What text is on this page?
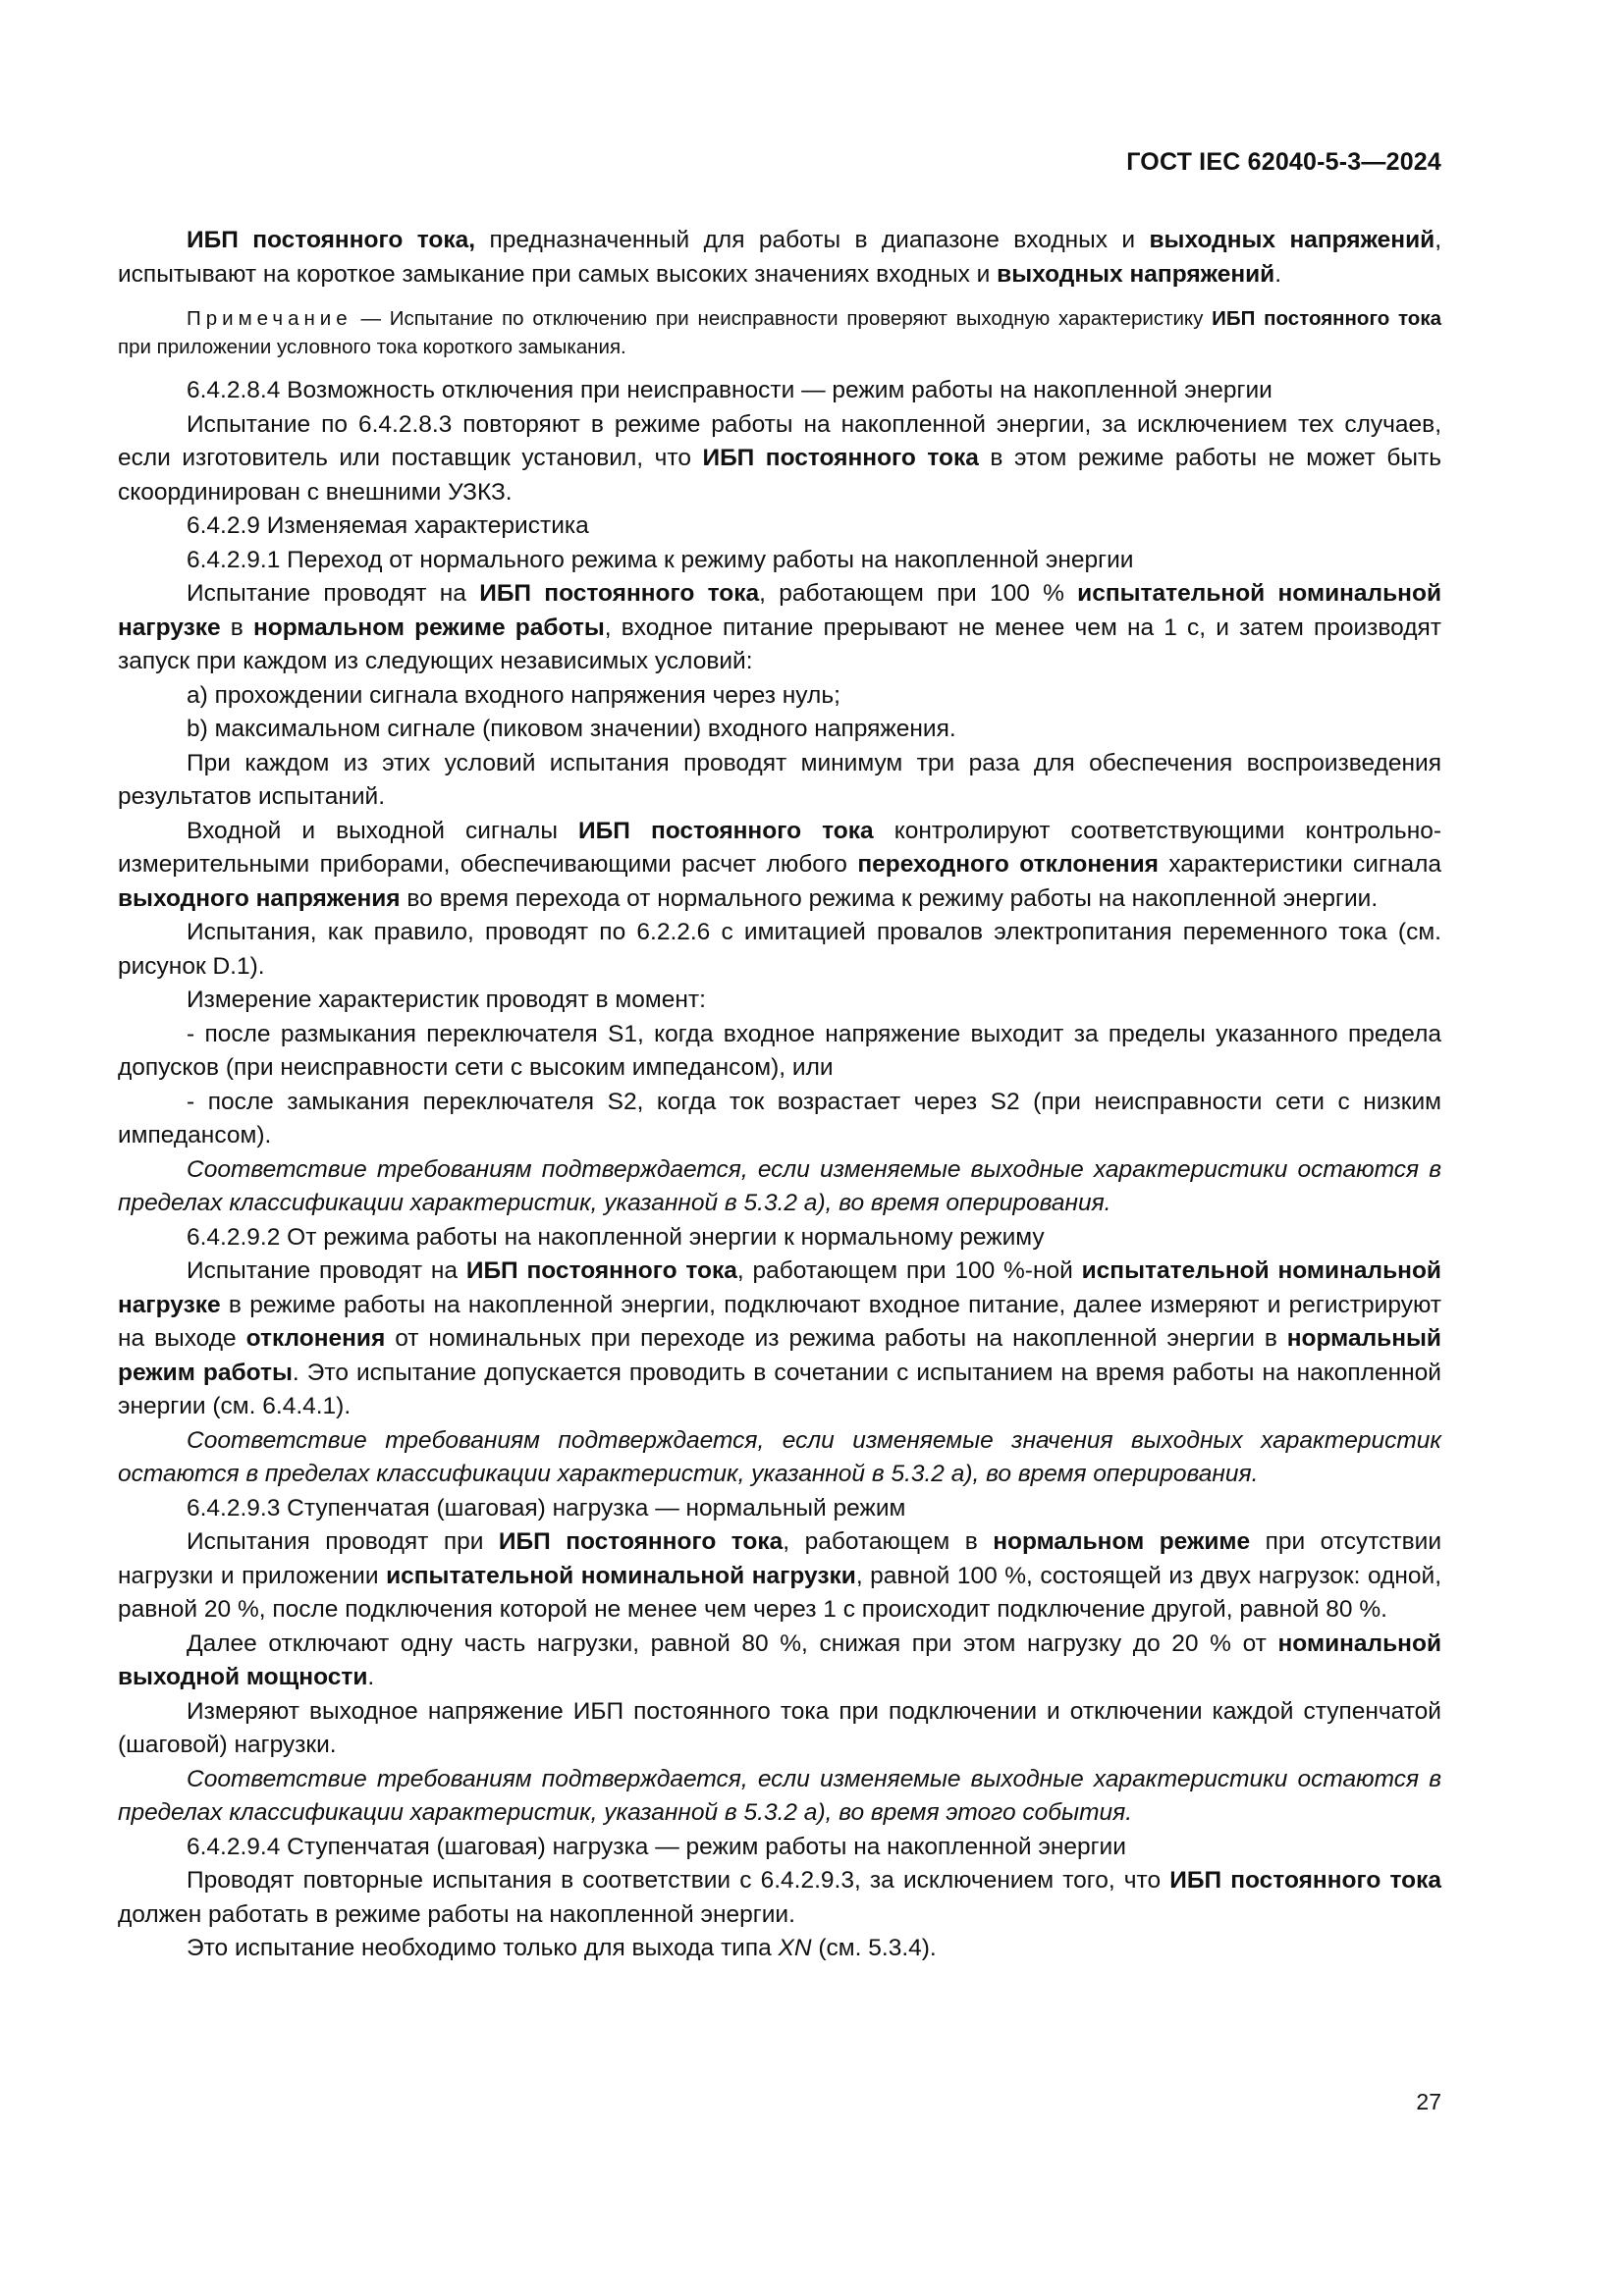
ГОСТ IEC 62040-5-3—2024

ИБП постоянного тока, предназначенный для работы в диапазоне входных и выходных напряжений, испытывают на короткое замыкание при самых высоких значениях входных и выходных напряжений.

Примечание — Испытание по отключению при неисправности проверяют выходную характеристику ИБП постоянного тока при приложении условного тока короткого замыкания.

6.4.2.8.4 Возможность отключения при неисправности — режим работы на накопленной энергии

Испытание по 6.4.2.8.3 повторяют в режиме работы на накопленной энергии, за исключением тех случаев, если изготовитель или поставщик установил, что ИБП постоянного тока в этом режиме работы не может быть скоординирован с внешними УЗКЗ.

6.4.2.9 Изменяемая характеристика

6.4.2.9.1 Переход от нормального режима к режиму работы на накопленной энергии

Испытание проводят на ИБП постоянного тока, работающем при 100 % испытательной номинальной нагрузке в нормальном режиме работы, входное питание прерывают не менее чем на 1 с, и затем производят запуск при каждом из следующих независимых условий:

а) прохождении сигнала входного напряжения через нуль;

b) максимальном сигнале (пиковом значении) входного напряжения.

При каждом из этих условий испытания проводят минимум три раза для обеспечения воспроизведения результатов испытаний.

Входной и выходной сигналы ИБП постоянного тока контролируют соответствующими контрольно-измерительными приборами, обеспечивающими расчет любого переходного отклонения характеристики сигнала выходного напряжения во время перехода от нормального режима к режиму работы на накопленной энергии.

Испытания, как правило, проводят по 6.2.2.6 с имитацией провалов электропитания переменного тока (см. рисунок D.1).

Измерение характеристик проводят в момент:

- после размыкания переключателя S1, когда входное напряжение выходит за пределы указанного предела допусков (при неисправности сети с высоким импедансом), или

- после замыкания переключателя S2, когда ток возрастает через S2 (при неисправности сети с низким импедансом).

Соответствие требованиям подтверждается, если изменяемые выходные характеристики остаются в пределах классификации характеристик, указанной в 5.3.2 а), во время оперирования.

6.4.2.9.2 От режима работы на накопленной энергии к нормальному режиму

Испытание проводят на ИБП постоянного тока, работающем при 100 %-ной испытательной номинальной нагрузке в режиме работы на накопленной энергии, подключают входное питание, далее измеряют и регистрируют на выходе отклонения от номинальных при переходе из режима работы на накопленной энергии в нормальный режим работы. Это испытание допускается проводить в сочетании с испытанием на время работы на накопленной энергии (см. 6.4.4.1).

Соответствие требованиям подтверждается, если изменяемые значения выходных характеристик остаются в пределах классификации характеристик, указанной в 5.3.2 а), во время оперирования.

6.4.2.9.3 Ступенчатая (шаговая) нагрузка — нормальный режим

Испытания проводят при ИБП постоянного тока, работающем в нормальном режиме при отсутствии нагрузки и приложении испытательной номинальной нагрузки, равной 100 %, состоящей из двух нагрузок: одной, равной 20 %, после подключения которой не менее чем через 1 с происходит подключение другой, равной 80 %.

Далее отключают одну часть нагрузки, равной 80 %, снижая при этом нагрузку до 20 % от номинальной выходной мощности.

Измеряют выходное напряжение ИБП постоянного тока при подключении и отключении каждой ступенчатой (шаговой) нагрузки.

Соответствие требованиям подтверждается, если изменяемые выходные характеристики остаются в пределах классификации характеристик, указанной в 5.3.2 а), во время этого события.

6.4.2.9.4 Ступенчатая (шаговая) нагрузка — режим работы на накопленной энергии

Проводят повторные испытания в соответствии с 6.4.2.9.3, за исключением того, что ИБП постоянного тока должен работать в режиме работы на накопленной энергии.

Это испытание необходимо только для выхода типа XN (см. 5.3.4).

27
